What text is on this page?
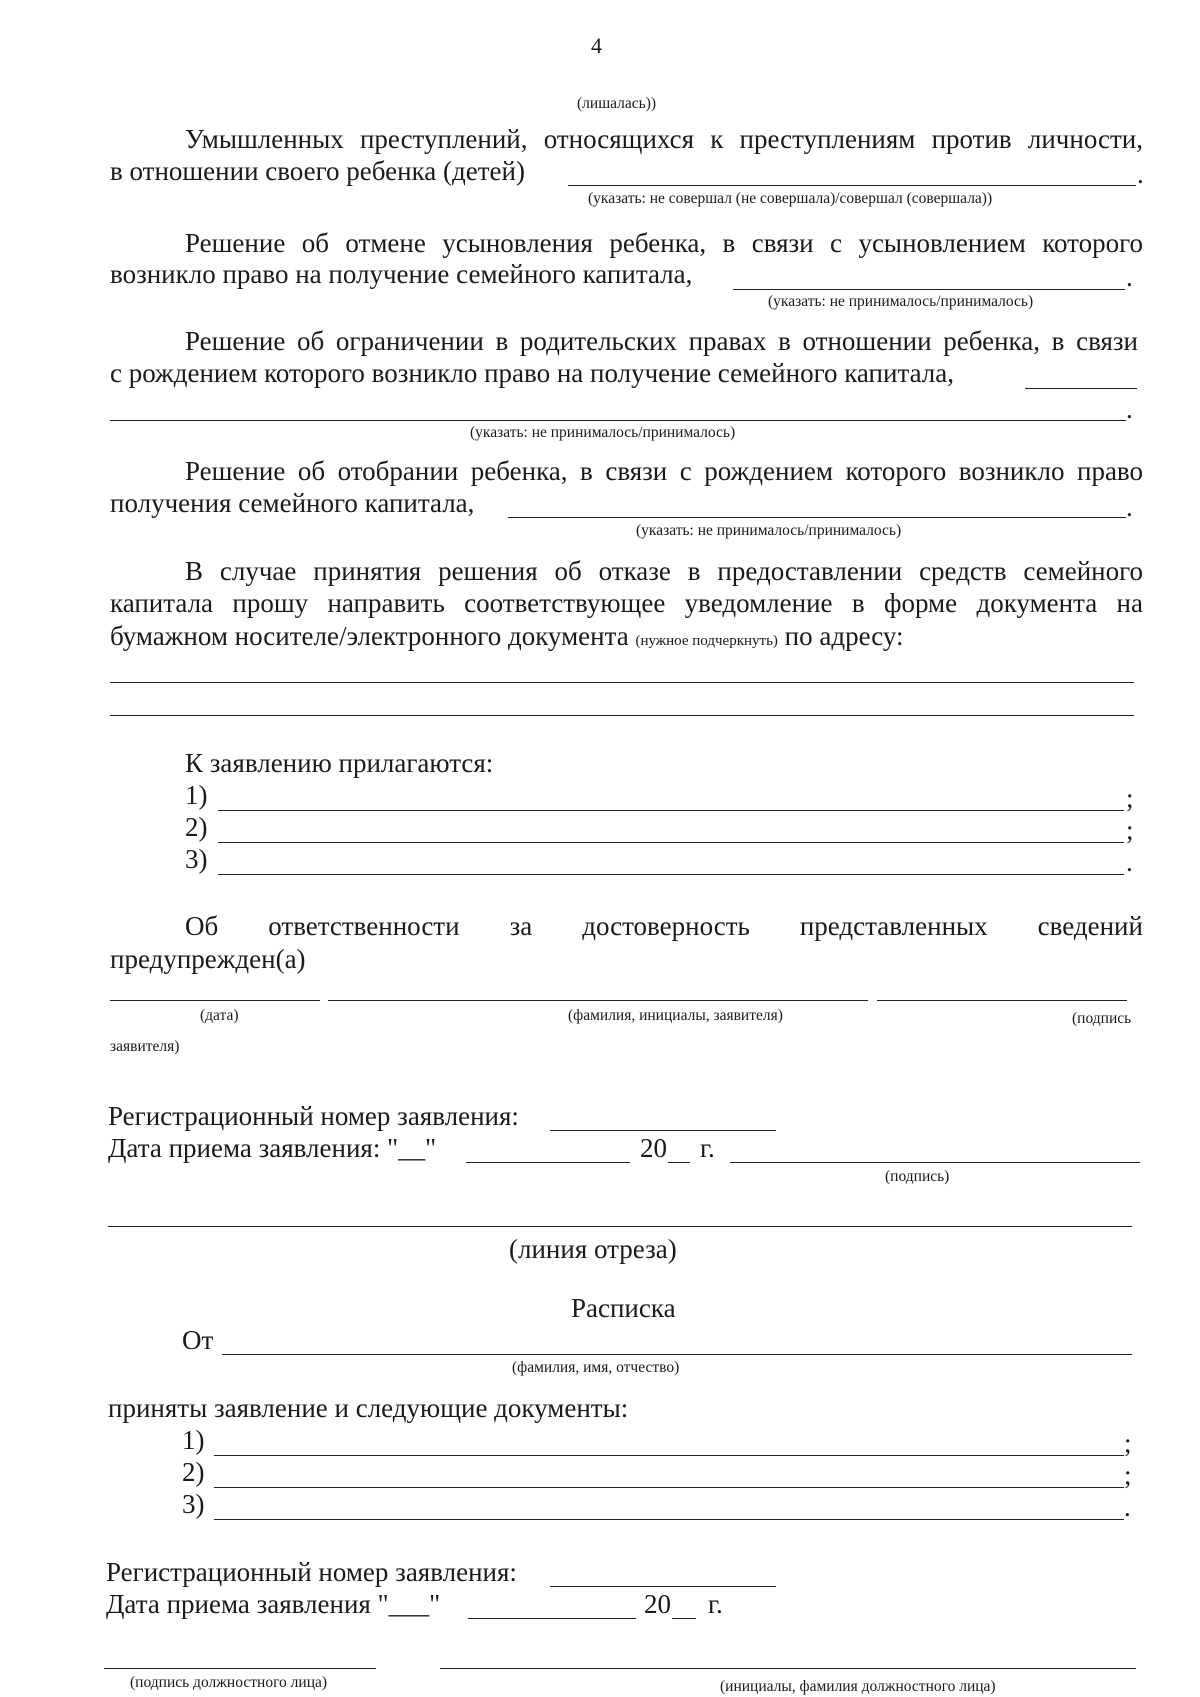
4
(лишалась))
Умышленных преступлений, относящихся к преступлениям против личности,
в отношении своего ребенка (детей)	.
(указать: не совершал (не совершала)/совершал (совершала))
Решение об отмене усыновления ребенка, в связи с усыновлением которого
возникло право на получение семейного капитала,	.
(указать: не принималось/принималось)
Решение об ограничении в родительских правах в отношении ребенка, в связи
с рождением которого возникло право на получение семейного капитала,
.
(указать: не принималось/принималось)
Решение об отобрании ребенка, в связи с рождением которого возникло право
получения семейного капитала,	.
(указать: не принималось/принималось)
В случае принятия решения об отказе в предоставлении средств семейного
капитала прошу направить соответствующее уведомление в форме документа на
бумажном носителе/электронного документа (нужное подчеркнуть) по адресу:
К заявлению прилагаются:
1)	;
2)	;
3)	.
Об ответственности за достоверность представленных сведений
предупрежден(а)
(дата)	(фамилия, инициалы, заявителя)	(подпись
заявителя)
Регистрационный номер заявления:
Дата приема заявления: "__"	20 г.
(подпись)
(линия отреза)
Расписка
От
(фамилия, имя, отчество)
приняты заявление и следующие документы:
1)	;
2)	;
3)	.
Регистрационный номер заявления:
Дата приема заявления "___"	20 г.
(подпись должностного лица)	(инициалы, фамилия должностного лица)
